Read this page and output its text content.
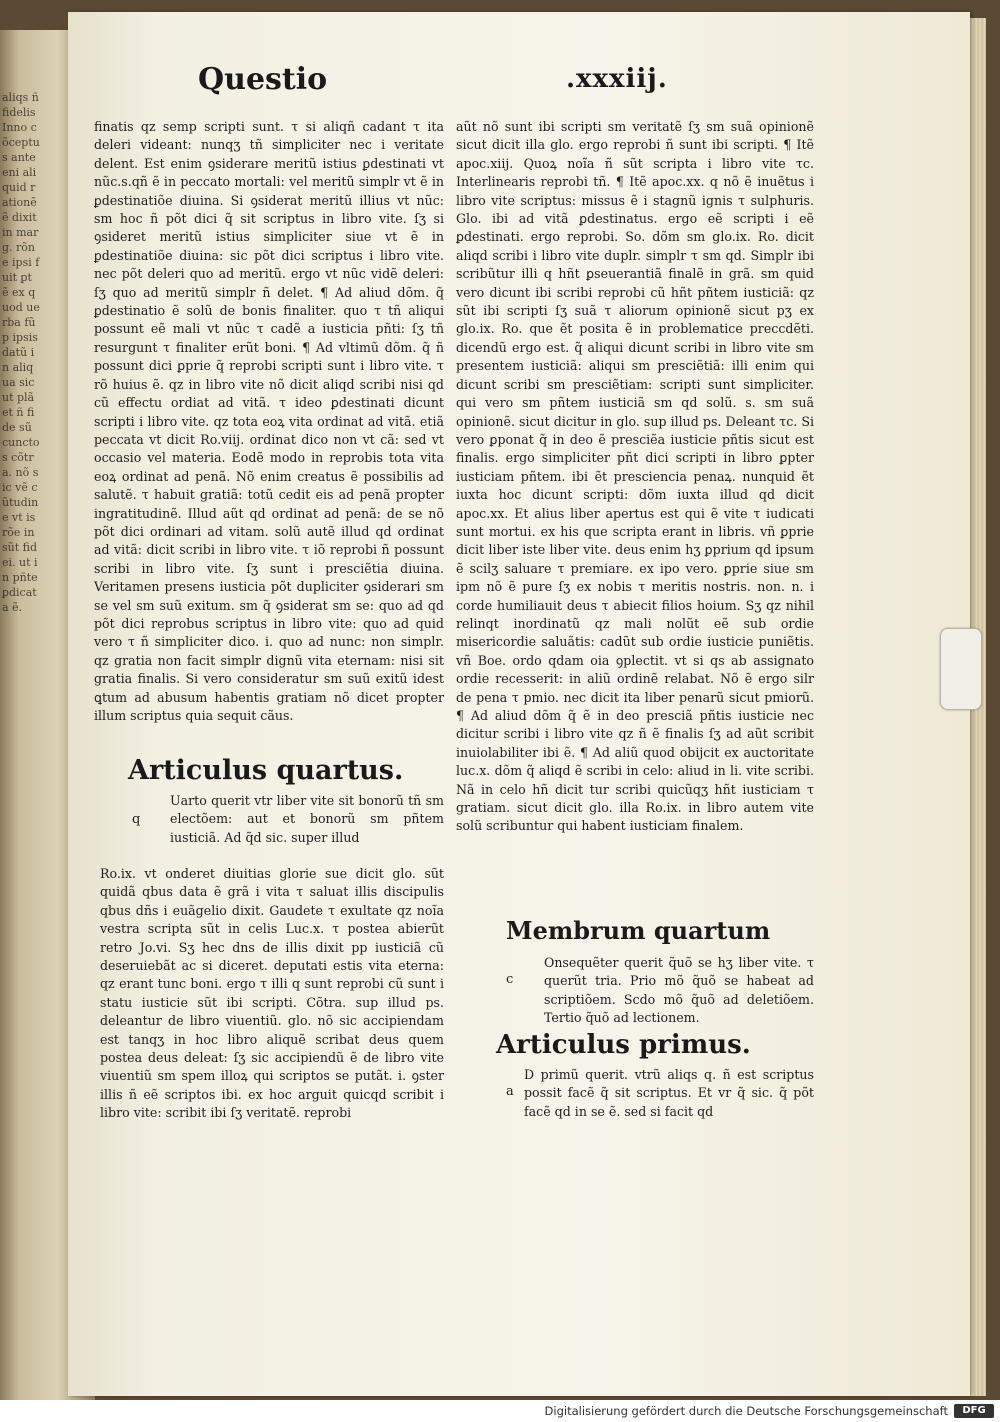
aliqs ñ fidelis Inno cõceptus ante eni aliquid rationẽ ẽ dixit in marg. rõne ipsi fuit ꝑt ẽ ex quod uerba fũ p ipsis datũ in aliqua sicut plã et ñ fide sũ cunctos cõtra. nõ sic vẽ cũtudine vt is rõe in sũt fidei. ut in pñte ꝑdicata ẽ.
Questio	.xxxiij.

finatis qz semp scripti sunt. τ si aliqñ cadant τ ita deleri videant: nunqʒ tñ simpliciter nec i veritate delent. Est enim ꝯsiderare meritũ istius ꝑdestinati vt nũc.s.qñ ẽ in peccato mortali: vel meritũ simplr vt ẽ in ꝑdestinatiõe diuina. Si ꝯsiderat meritũ illius vt nũc: sm hoc ñ põt dici q̃ sit scriptus in libro vite. ſʒ si ꝯsideret meritũ istius simpliciter siue vt ẽ in ꝑdestinatiõe diuina: sic põt dici scriptus i libro vite. nec põt deleri quo ad meritũ. ergo vt nũc vidẽ deleri: ſʒ quo ad meritũ simplr ñ delet. ¶ Ad aliud dõm. q̃ ꝑdestinatio ẽ solũ de bonis finaliter. quo τ tñ aliqui possunt eẽ mali vt nũc τ cadẽ a iusticia pñti: ſʒ tñ resurgunt τ finaliter erũt boni. ¶ Ad vltimũ dõm. q̃ ñ possunt dici ꝑprie q̃ reprobi scripti sunt i libro vite. τ rõ huius ẽ. qz in libro vite nõ dicit aliqd scribi nisi qd cũ effectu ordiat ad vitã. τ ideo ꝑdestinati dicunt scripti i libro vite. qz tota eoꝝ vita ordinat ad vitã. etiã peccata vt dicit Ro.viij. ordinat dico non vt cã: sed vt occasio vel materia. Eodẽ modo in reprobis tota vita eoꝝ ordinat ad penã. Nõ enim creatus ẽ possibilis ad salutẽ. τ habuit gratiã: totũ cedit eis ad penã propter ingratitudinẽ. Illud aũt qd ordinat ad penã: de se nõ põt dici ordinari ad vitam. solũ autẽ illud qd ordinat ad vitã: dicit scribi in libro vite. τ iõ reprobi ñ possunt scribi in libro vite. ſʒ sunt i presciẽtia diuina. Veritamen presens iusticia põt dupliciter ꝯsiderari sm se vel sm suũ exitum. sm q̃ ꝯsiderat sm se: quo ad qd põt dici reprobus scriptus in libro vite: quo ad quid vero τ ñ simpliciter dico. i. quo ad nunc: non simplr. qz gratia non facit simplr dignũ vita eternam: nisi sit gratia finalis. Si vero consideratur sm suũ exitũ idest ꝗtum ad abusum habentis gratiam nõ dicet propter illum scriptus quia sequit cãus.

Articulus quartus.
q

Uarto querit vtr liber vite sit bonorũ tñ sm electõem: aut et bonorũ sm pñtem iusticiã. Ad q̃d sic. super illud

Ro.ix. vt onderet diuitias glorie sue dicit glo. sũt quidã qbus data ẽ grã i vita τ saluat illis discipulis qbus dñs i euãgelio dixit. Gaudete τ exultate qz noĩa vestra scripta sũt in celis Luc.x. τ postea abierũt retro Jo.vi. Sʒ hec dns de illis dixit pp iusticiã cũ deseruiebãt ac si diceret. deputati estis vita eterna: qz erant tunc boni. ergo τ illi q sunt reprobi cũ sunt i statu iusticie sũt ibi scripti. Cõtra. sup illud ps. deleantur de libro viuentiũ. glo. nõ sic accipiendam est tanqʒ in hoc libro aliquẽ scribat deus quem postea deus deleat: ſʒ sic accipiendũ ẽ de libro vite viuentiũ sm spem illoꝝ qui scriptos se putãt. i. ꝯster illis ñ eẽ scriptos ibi. ex hoc arguit quicqd scribit i libro vite: scribit ibi ſʒ veritatẽ. reprobi

aũt nõ sunt ibi scripti sm veritatẽ ſʒ sm suã opinionẽ sicut dicit illa glo. ergo reprobi ñ sunt ibi scripti. ¶ Itẽ apoc.xiij. Quoꝝ noĩa ñ sũt scripta i libro vite τc. Interlinearis reprobi tñ. ¶ Itẽ apoc.xx. q nõ ẽ inuẽtus i libro vite scriptus: missus ẽ i stagnũ ignis τ sulphuris. Glo. ibi ad vitã ꝑdestinatus. ergo eẽ scripti i eẽ ꝑdestinati. ergo reprobi. So. dõm sm glo.ix. Ro. dicit aliqd scribi i libro vite duplr. simplr τ sm qd. Simplr ibi scribũtur illi q hñt ꝑseuerantiã finalẽ in grã. sm quid vero dicunt ibi scribi reprobi cũ hñt pñtem iusticiã: qz sũt ibi scripti ſʒ suã τ aliorum opinionẽ sicut pʒ ex glo.ix. Ro. que ẽt posita ẽ in problematice preccdẽti. dicendũ ergo est. q̃ aliqui dicunt scribi in libro vite sm presentem iusticiã: aliqui sm presciẽtiã: illi enim qui dicunt scribi sm presciẽtiam: scripti sunt simpliciter. qui vero sm pñtem iusticiã sm qd solũ. s. sm suã opinionẽ. sicut dicitur in glo. sup illud ps. Deleant τc. Si vero ꝑponat q̃ in deo ẽ presciẽa iusticie pñtis sicut est finalis. ergo simpliciter pñt dici scripti in libro ꝑpter iusticiam pñtem. ibi ẽt presciencia penaꝝ. nunquid ẽt iuxta hoc dicunt scripti: dõm iuxta illud qd dicit apoc.xx. Et alius liber apertus est qui ẽ vite τ iudicati sunt mortui. ex his que scripta erant in libris. vñ ꝑprie dicit liber iste liber vite. deus enim hʒ ꝑprium qd ipsum ẽ scilʒ saluare τ premiare. ex ipo vero. ꝑprie siue sm ipm nõ ẽ pure ſʒ ex nobis τ meritis nostris. non. n. i corde humiliauit deus τ abiecit filios hoium. Sʒ qz nihil relinqt inordinatũ qz mali nolũt eẽ sub ordie misericordie saluãtis: cadũt sub ordie iusticie puniẽtis. vñ Boe. ordo qdam oia ꝯplectit. vt si qs ab assignato ordie recesserit: in aliũ ordinẽ relabat. Nõ ẽ ergo silr de pena τ pmio. nec dicit ita liber penarũ sicut pmiorũ. ¶ Ad aliud dõm q̃ ẽ in deo presciã pñtis iusticie nec dicitur scribi i libro vite qz ñ ẽ finalis ſʒ ad aũt scribit inuiolabiliter ibi ẽ. ¶ Ad aliũ quod obijcit ex auctoritate luc.x. dõm q̃ aliqd ẽ scribi in celo: aliud in li. vite scribi. Nã in celo hñ dicit tur scribi quicũqʒ hñt iusticiam τ gratiam. sicut dicit glo. illa Ro.ix. in libro autem vite solũ scribuntur qui habent iusticiam finalem.

Membrum quartum
c

Onsequẽter querit q̃uõ se hʒ liber vite. τ querũt tria. Prio mõ q̃uõ se habeat ad scriptiõem. Scdo mõ q̃uõ ad deletiõem. Tertio q̃uõ ad lectionem.

Articulus primus.
a

D primũ querit. vtrũ aliqs q. ñ est scriptus possit facẽ q̃ sit scriptus. Et vr q̃ sic. q̃ põt facẽ qd in se ẽ. sed si facit qd

Digitalisierung gefördert durch die Deutsche Forschungsgemeinschaft	DFG
